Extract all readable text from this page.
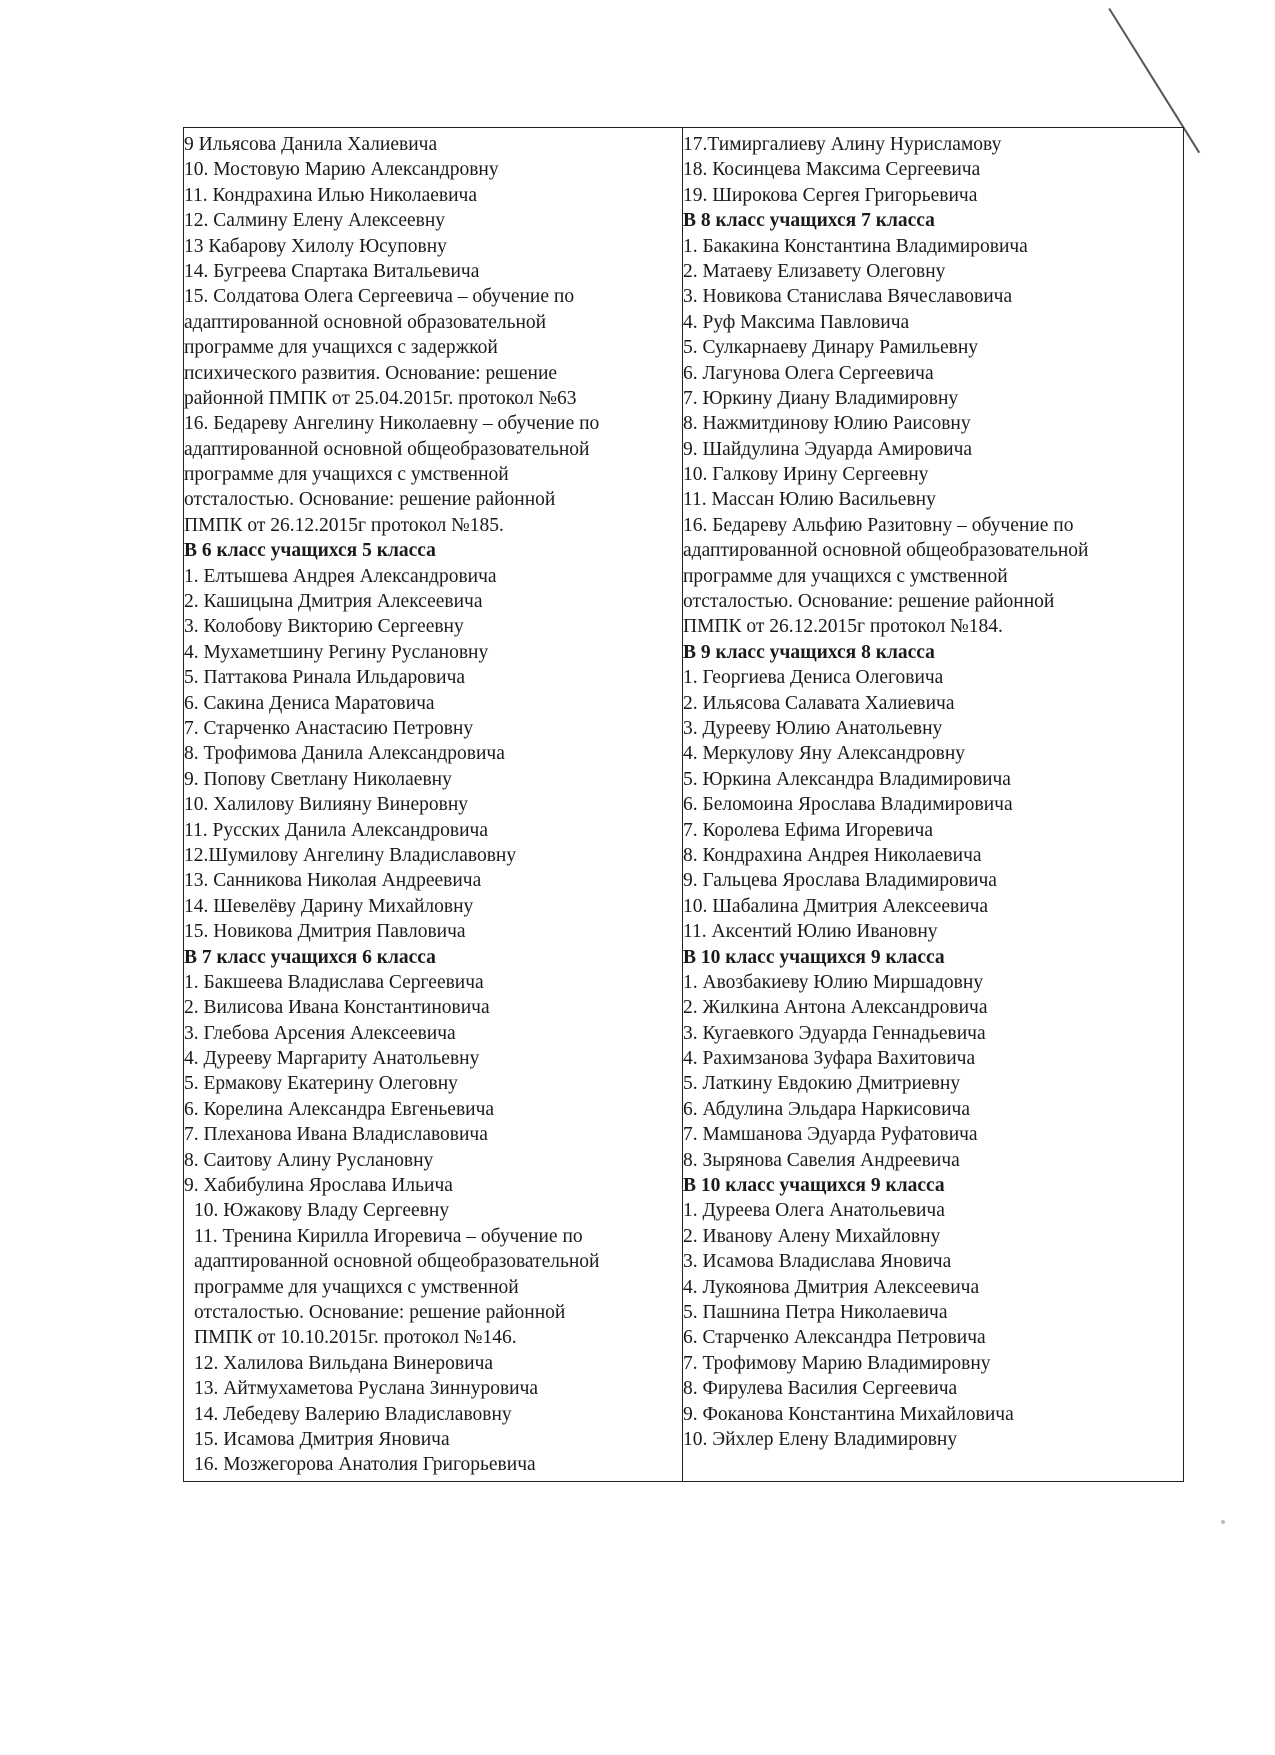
9 Ильясова Данила Халиевича
10. Мостовую Марию Александровну
11. Кондрахина Илью Николаевича
12. Салмину Елену Алексеевну
13 Кабарову Хилолу Юсуповну
14. Бугреева Спартака Витальевича
15. Солдатова Олега Сергеевича – обучение по
адаптированной основной образовательной
программе для учащихся с задержкой
психического развития. Основание: решение
районной ПМПК от 25.04.2015г. протокол №63
16. Бедареву Ангелину Николаевну – обучение по
адаптированной основной общеобразовательной
программе для учащихся с умственной
отсталостью. Основание: решение районной
ПМПК от 26.12.2015г протокол №185.
В 6 класс учащихся 5 класса
1. Елтышева Андрея Александровича
2. Кашицына Дмитрия Алексеевича
3. Колобову Викторию Сергеевну
4. Мухаметшину Регину Руслановну
5. Паттакова Ринала Ильдаровича
6. Сакина Дениса Маратовича
7. Старченко Анастасию Петровну
8. Трофимова Данила Александровича
9. Попову Светлану Николаевну
10. Халилову Вилияну Винеровну
11. Русских Данила Александровича
12.Шумилову Ангелину Владиславовну
13. Санникова Николая Андреевича
14. Шевелёву Дарину Михайловну
15. Новикова Дмитрия Павловича
В 7 класс учащихся 6 класса
1. Бакшеева Владислава Сергеевича
2. Вилисова Ивана Константиновича
3. Глебова Арсения Алексеевича
4. Дурееву Маргариту Анатольевну
5. Ермакову Екатерину Олеговну
6. Корелина Александра Евгеньевича
7. Плеханова Ивана Владиславовича
8. Саитову Алину Руслановну
9. Хабибулина Ярослава Ильича
10. Южакову Владу Сергеевну
11. Тренина Кирилла Игоревича – обучение по
адаптированной основной общеобразовательной
программе для учащихся с умственной
отсталостью. Основание: решение районной
ПМПК от 10.10.2015г. протокол №146.
12. Халилова Вильдана Винеровича
13. Айтмухаметова Руслана Зиннуровича
14. Лебедеву Валерию Владиславовну
15. Исамова Дмитрия Яновича
16. Мозжегорова Анатолия Григорьевича
17.Тимиргалиеву Алину Нурисламову
18. Косинцева Максима Сергеевича
19. Широкова Сергея Григорьевича
В 8 класс учащихся 7 класса
1. Бакакина Константина Владимировича
2. Матаеву Елизавету Олеговну
3. Новикова Станислава Вячеславовича
4. Руф Максима Павловича
5. Сулкарнаеву Динару Рамильевну
6. Лагунова Олега Сергеевича
7. Юркину Диану Владимировну
8. Нажмитдинову Юлию Раисовну
9. Шайдулина Эдуарда Амировича
10. Галкову Ирину Сергеевну
11. Массан Юлию Васильевну
16. Бедареву Альфию Разитовну – обучение по
адаптированной основной общеобразовательной
программе для учащихся с умственной
отсталостью. Основание: решение районной
ПМПК от 26.12.2015г протокол №184.
В 9 класс учащихся 8 класса
1. Георгиева Дениса Олеговича
2. Ильясова Салавата Халиевича
3. Дурееву Юлию Анатольевну
4. Меркулову Яну Александровну
5. Юркина Александра Владимировича
6. Беломоина Ярослава Владимировича
7. Королева Ефима Игоревича
8. Кондрахина Андрея Николаевича
9. Гальцева Ярослава Владимировича
10. Шабалина Дмитрия Алексеевича
11. Аксентий Юлию Ивановну
В 10 класс учащихся 9 класса
1. Авозбакиеву Юлию Миршадовну
2. Жилкина Антона Александровича
3. Кугаевкого Эдуарда Геннадьевича
4. Рахимзанова Зуфара Вахитовича
5. Латкину Евдокию Дмитриевну
6. Абдулина Эльдара Наркисовича
7. Мамшанова Эдуарда Руфатовича
8. Зырянова Савелия Андреевича
В 10 класс учащихся 9 класса
1. Дуреева Олега Анатольевича
2. Иванову Алену Михайловну
3. Исамова Владислава Яновича
4. Лукоянова Дмитрия Алексеевича
5. Пашнина Петра Николаевича
6. Старченко Александра Петровича
7. Трофимову Марию Владимировну
8. Фирулева Василия Сергеевича
9. Фоканова Константина Михайловича
10. Эйхлер Елену Владимировну
